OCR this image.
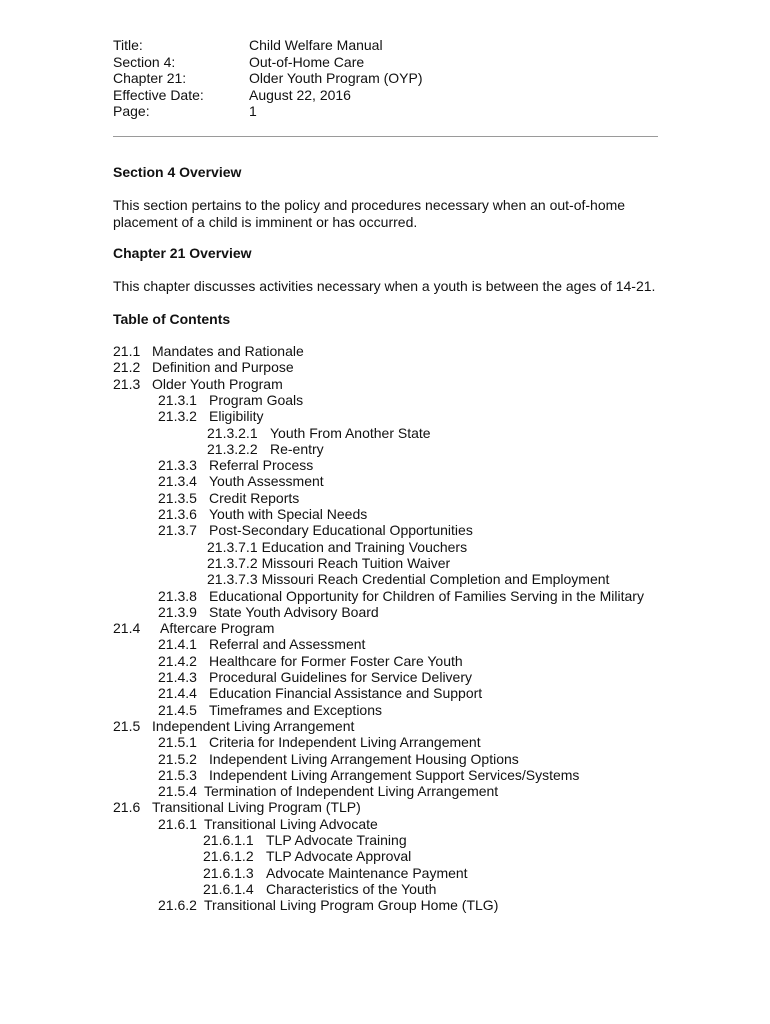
Title:	Child Welfare Manual
Section 4:	Out-of-Home Care
Chapter 21:	Older Youth Program (OYP)
Effective Date:	August 22, 2016
Page:	1
Section 4 Overview
This section pertains to the policy and procedures necessary when an out-of-home placement of a child is imminent or has occurred.
Chapter 21 Overview
This chapter discusses activities necessary when a youth is between the ages of 14-21.
Table of Contents
21.1 Mandates and Rationale
21.2 Definition and Purpose
21.3 Older Youth Program
21.3.1 Program Goals
21.3.2 Eligibility
21.3.2.1 Youth From Another State
21.3.2.2 Re-entry
21.3.3 Referral Process
21.3.4 Youth Assessment
21.3.5 Credit Reports
21.3.6 Youth with Special Needs
21.3.7 Post-Secondary Educational Opportunities
21.3.7.1 Education and Training Vouchers
21.3.7.2 Missouri Reach Tuition Waiver
21.3.7.3 Missouri Reach Credential Completion and Employment
21.3.8 Educational Opportunity for Children of Families Serving in the Military
21.3.9 State Youth Advisory Board
21.4 Aftercare Program
21.4.1 Referral and Assessment
21.4.2 Healthcare for Former Foster Care Youth
21.4.3 Procedural Guidelines for Service Delivery
21.4.4 Education Financial Assistance and Support
21.4.5 Timeframes and Exceptions
21.5 Independent Living Arrangement
21.5.1 Criteria for Independent Living Arrangement
21.5.2 Independent Living Arrangement Housing Options
21.5.3 Independent Living Arrangement Support Services/Systems
21.5.4 Termination of Independent Living Arrangement
21.6 Transitional Living Program (TLP)
21.6.1 Transitional Living Advocate
21.6.1.1 TLP Advocate Training
21.6.1.2 TLP Advocate Approval
21.6.1.3 Advocate Maintenance Payment
21.6.1.4 Characteristics of the Youth
21.6.2 Transitional Living Program Group Home (TLG)
